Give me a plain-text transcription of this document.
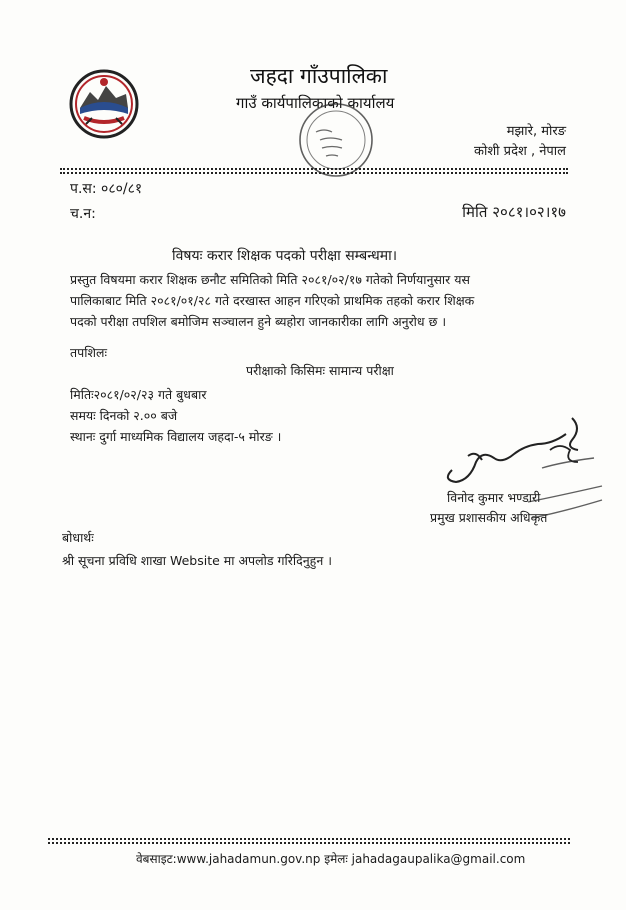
जहदा गाँउपालिका
गाउँ कार्यपालिकाको कार्यालय
मझारे, मोरङ
कोशी प्रदेश , नेपाल
प.स: ०८०/८१
च.न:	मिति २०८१।०२।१७
विषयः करार शिक्षक पदको परीक्षा सम्बन्धमा।
प्रस्तुत विषयमा करार शिक्षक छनौट समितिको मिति २०८१/०२/१७ गतेको निर्णयानुसार यस
पालिकाबाट मिति २०८१/०१/२८ गते दरखास्त आहन गरिएको प्राथमिक तहको करार शिक्षक
पदको परीक्षा तपशिल बमोजिम सञ्चालन हुने ब्यहोरा जानकारीका लागि अनुरोध छ ।
तपशिलः
परीक्षाको किसिमः सामान्य परीक्षा
मितिः२०८१/०२/२३ गते बुधबार
समयः दिनको २.०० बजे
स्थानः दुर्गा माध्यमिक विद्यालय जहदा-५ मोरङ ।
विनोद कुमार भण्डारी
प्रमुख प्रशासकीय अधिकृत
बोधार्थः
श्री सूचना प्रविधि शाखा Website मा अपलोड गरिदिनुहुन ।
वेबसाइट:www.jahadamun.gov.np इमेलः jahadagaupalika@gmail.com
